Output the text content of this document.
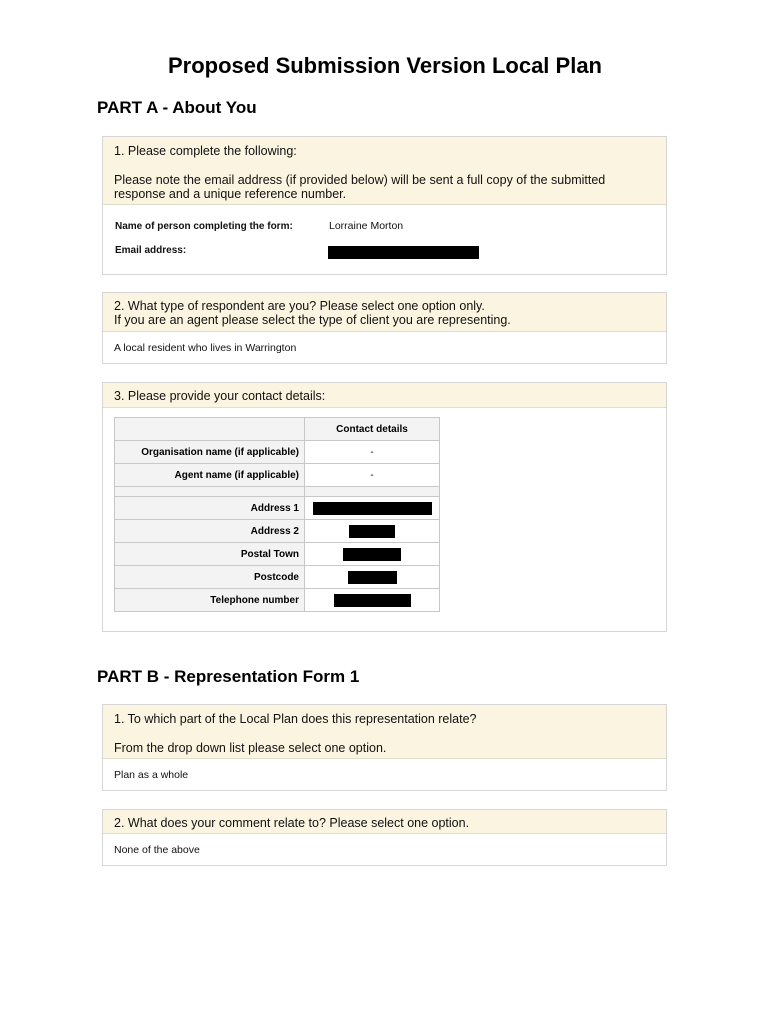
Proposed Submission Version Local Plan
PART A - About You
1. Please complete the following:
Please note the email address (if provided below) will be sent a full copy of the submitted
response and a unique reference number.
Name of person completing the form:	Lorraine Morton
Email address:
2. What type of respondent are you? Please select one option only.
If you are an agent please select the type of client you are representing.
A local resident who lives in Warrington
3. Please provide your contact details:
	Contact details
Organisation name (if applicable)	-
Agent name (if applicable)	-

Address 1	
Address 2	
Postal Town	
Postcode	
Telephone number	
PART B - Representation Form 1
1. To which part of the Local Plan does this representation relate?
From the drop down list please select one option.
Plan as a whole
2. What does your comment relate to? Please select one option.
None of the above
